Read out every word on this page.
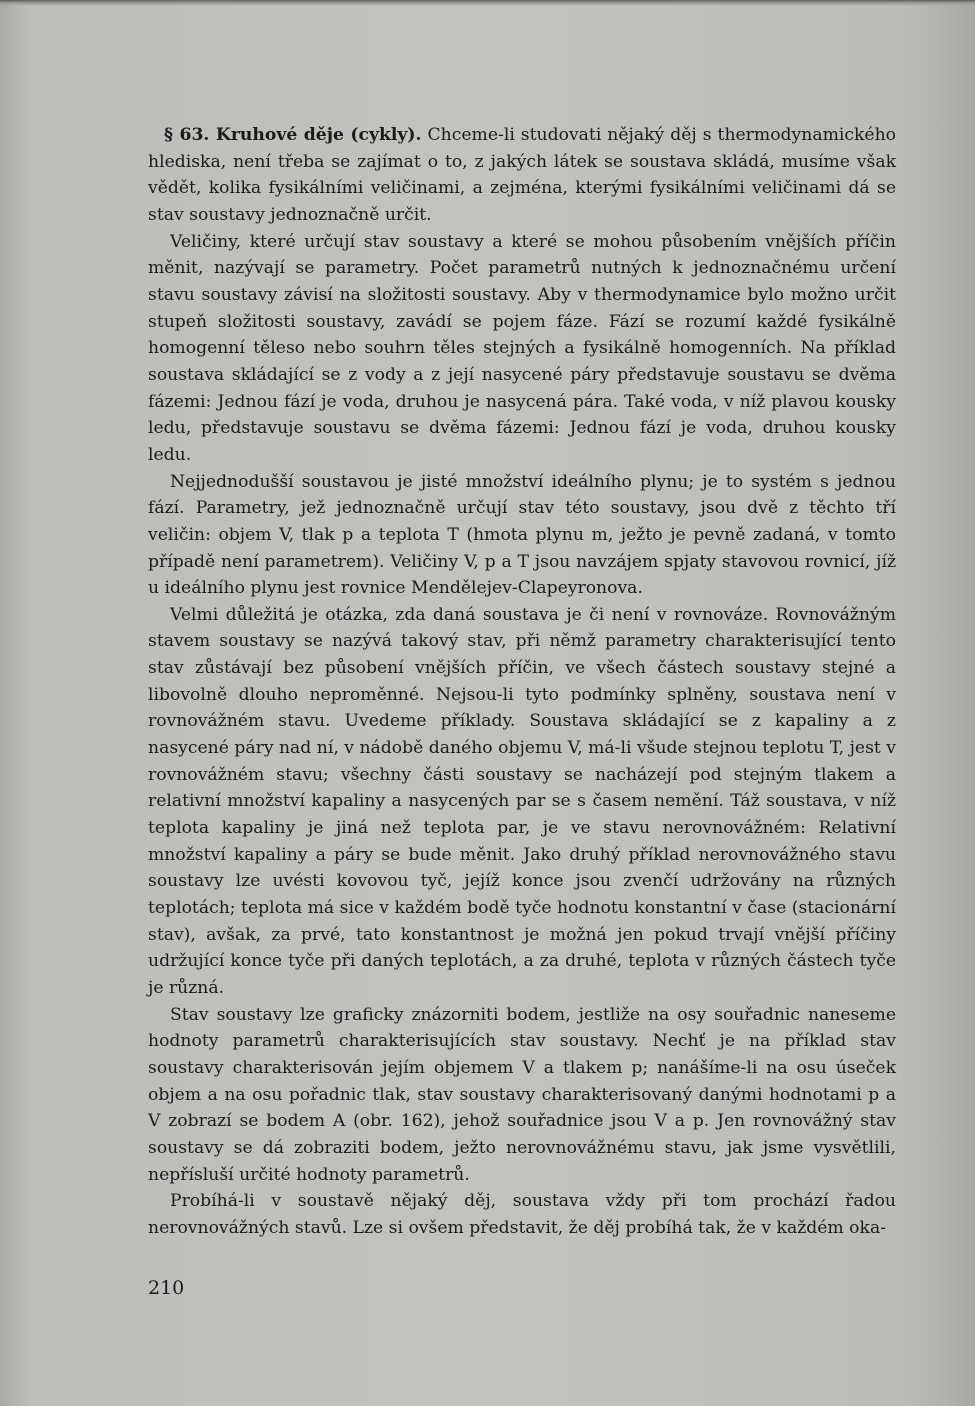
§ 63. Kruhové děje (cykly). Chceme-li studovati nějaký děj s thermodynamického hlediska, není třeba se zajímat o to, z jakých látek se soustava skládá, musíme však vědět, kolika fysikálními veličinami, a zejména, kterými fysikálními veličinami dá se stav soustavy jednoznačně určit.

Veličiny, které určují stav soustavy a které se mohou působením vnějších příčin měnit, nazývají se parametry. Počet parametrů nutných k jednoznačnému určení stavu soustavy závisí na složitosti soustavy. Aby v thermodynamice bylo možno určit stupeň složitosti soustavy, zavádí se pojem fáze. Fází se rozumí každé fysikálně homogenní těleso nebo souhrn těles stejných a fysikálně homogenních. Na příklad soustava skládající se z vody a z její nasycené páry představuje soustavu se dvěma fázemi: Jednou fází je voda, druhou je nasycená pára. Také voda, v níž plavou kousky ledu, představuje soustavu se dvěma fázemi: Jednou fází je voda, druhou kousky ledu.

Nejjednodušší soustavou je jisté množství ideálního plynu; je to systém s jednou fází. Parametry, jež jednoznačně určují stav této soustavy, jsou dvě z těchto tří veličin: objem V, tlak p a teplota T (hmota plynu m, ježto je pevně zadaná, v tomto případě není parametrem). Veličiny V, p a T jsou navzájem spjaty stavovou rovnicí, jíž u ideálního plynu jest rovnice Mendělejev-Clapeyronova.

Velmi důležitá je otázka, zda daná soustava je či není v rovnováze. Rovnovážným stavem soustavy se nazývá takový stav, při němž parametry charakterisující tento stav zůstávají bez působení vnějších příčin, ve všech částech soustavy stejné a libovolně dlouho neproměnné. Nejsou-li tyto podmínky splněny, soustava není v rovnovážném stavu. Uvedeme příklady. Soustava skládající se z kapaliny a z nasycené páry nad ní, v nádobě daného objemu V, má-li všude stejnou teplotu T, jest v rovnovážném stavu; všechny části soustavy se nacházejí pod stejným tlakem a relativní množství kapaliny a nasycených par se s časem nemění. Táž soustava, v níž teplota kapaliny je jiná než teplota par, je ve stavu nerovnovážném: Relativní množství kapaliny a páry se bude měnit. Jako druhý příklad nerovnovážného stavu soustavy lze uvésti kovovou tyč, jejíž konce jsou zvenčí udržovány na různých teplotách; teplota má sice v každém bodě tyče hodnotu konstantní v čase (stacionární stav), avšak, za prvé, tato konstantnost je možná jen pokud trvají vnější příčiny udržující konce tyče při daných teplotách, a za druhé, teplota v různých částech tyče je různá.

Stav soustavy lze graficky znázorniti bodem, jestliže na osy souřadnic naneseme hodnoty parametrů charakterisujících stav soustavy. Nechť je na příklad stav soustavy charakterisován jejím objemem V a tlakem p; nanášíme-li na osu úseček objem a na osu pořadnic tlak, stav soustavy charakterisovaný danými hodnotami p a V zobrazí se bodem A (obr. 162), jehož souřadnice jsou V a p. Jen rovnovážný stav soustavy se dá zobraziti bodem, ježto nerovnovážnému stavu, jak jsme vysvětlili, nepřísluší určité hodnoty parametrů.

Probíhá-li v soustavě nějaký děj, soustava vždy při tom prochází řadou nerovnovážných stavů. Lze si ovšem představit, že děj probíhá tak, že v každém oka-

210
